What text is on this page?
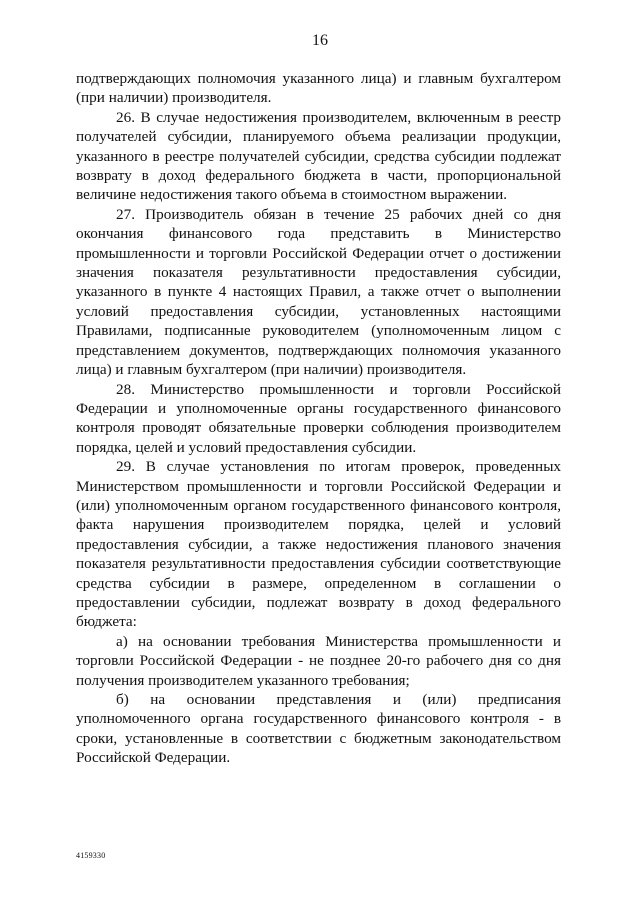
16

подтверждающих полномочия указанного лица) и главным бухгалтером (при наличии) производителя.

26. В случае недостижения производителем, включенным в реестр получателей субсидии, планируемого объема реализации продукции, указанного в реестре получателей субсидии, средства субсидии подлежат возврату в доход федерального бюджета в части, пропорциональной величине недостижения такого объема в стоимостном выражении.

27. Производитель обязан в течение 25 рабочих дней со дня окончания финансового года представить в Министерство промышленности и торговли Российской Федерации отчет о достижении значения показателя результативности предоставления субсидии, указанного в пункте 4 настоящих Правил, а также отчет о выполнении условий предоставления субсидии, установленных настоящими Правилами, подписанные руководителем (уполномоченным лицом с представлением документов, подтверждающих полномочия указанного лица) и главным бухгалтером (при наличии) производителя.

28. Министерство промышленности и торговли Российской Федерации и уполномоченные органы государственного финансового контроля проводят обязательные проверки соблюдения производителем порядка, целей и условий предоставления субсидии.

29. В случае установления по итогам проверок, проведенных Министерством промышленности и торговли Российской Федерации и (или) уполномоченным органом государственного финансового контроля, факта нарушения производителем порядка, целей и условий предоставления субсидии, а также недостижения планового значения показателя результативности предоставления субсидии соответствующие средства субсидии в размере, определенном в соглашении о предоставлении субсидии, подлежат возврату в доход федерального бюджета:

а) на основании требования Министерства промышленности и торговли Российской Федерации - не позднее 20-го рабочего дня со дня получения производителем указанного требования;

б) на основании представления и (или) предписания уполномоченного органа государственного финансового контроля - в сроки, установленные в соответствии с бюджетным законодательством Российской Федерации.

4159330
